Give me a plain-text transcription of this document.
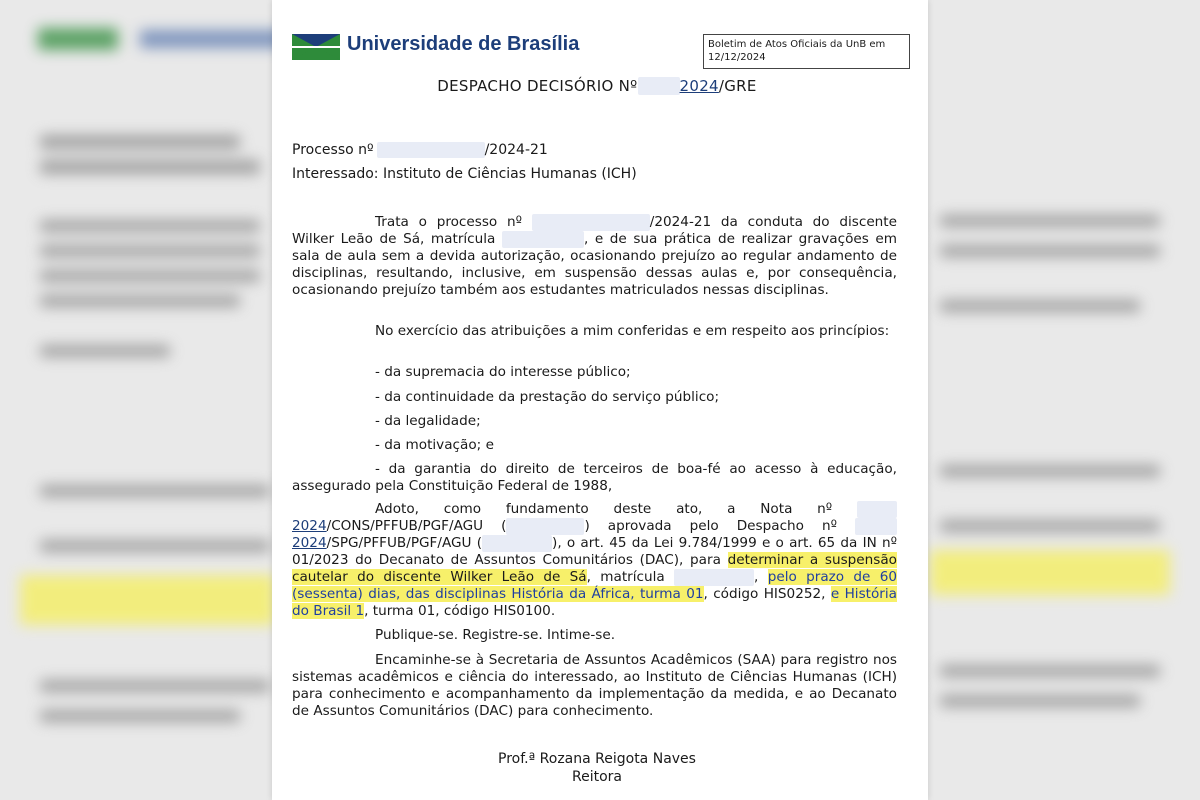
Universidade de Brasília	Boletim de Atos Oficiais da UnB em
12/12/2024
DESPACHO DECISÓRIO Nº	2024/GRE
Processo nº	/2024-21
Interessado: Instituto de Ciências Humanas (ICH)

Trata o processo nº	/2024-21 da conduta do discente Wilker Leão de Sá, matrícula	, e de sua prática de realizar gravações em sala de aula sem a devida autorização, ocasionando prejuízo ao regular andamento de disciplinas, resultando, inclusive, em suspensão dessas aulas e, por consequência, ocasionando prejuízo também aos estudantes matriculados nessas disciplinas.

No exercício das atribuições a mim conferidas e em respeito aos princípios:

- da supremacia do interesse público;
- da continuidade da prestação do serviço público;
- da legalidade;
- da motivação; e

- da garantia do direito de terceiros de boa-fé ao acesso à educação, assegurado pela Constituição Federal de 1988,

Adoto, como fundamento deste ato, a Nota nº 2024/CONS/PFFUB/PGF/AGU (	) aprovada pelo Despacho nº 2024/SPG/PFFUB/PGF/AGU (	), o art. 45 da Lei 9.784/1999 e o art. 65 da IN nº 01/2023 do Decanato de Assuntos Comunitários (DAC), para determinar a suspensão cautelar do discente Wilker Leão de Sá, matrícula	, pelo prazo de 60 (sessenta) dias, das disciplinas História da África, turma 01, código HIS0252, e História do Brasil 1, turma 01, código HIS0100.

Publique-se. Registre-se. Intime-se.

Encaminhe-se à Secretaria de Assuntos Acadêmicos (SAA) para registro nos sistemas acadêmicos e ciência do interessado, ao Instituto de Ciências Humanas (ICH) para conhecimento e acompanhamento da implementação da medida, e ao Decanato de Assuntos Comunitários (DAC) para conhecimento.

Prof.ª Rozana Reigota Naves
Reitora
